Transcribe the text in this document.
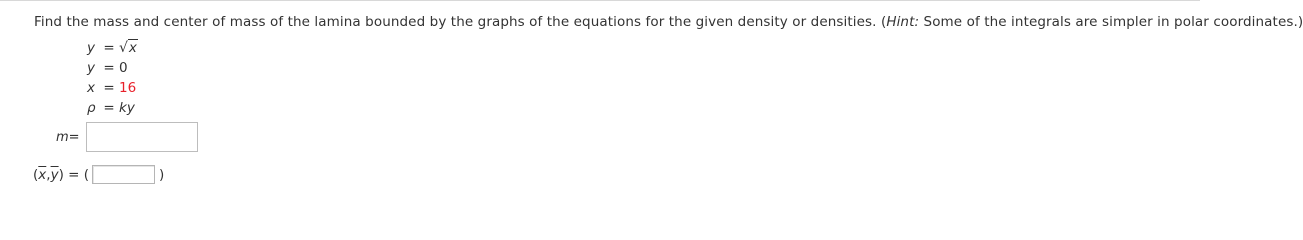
Find the mass and center of mass of the lamina bounded by the graphs of the equations for the given density or densities. (Hint: Some of the integrals are simpler in polar coordinates.)
y = √x
y = 0
x = 16
ρ = ky
m =
( $\overline{x}$ , $\overline{y}$ ) = (	)
